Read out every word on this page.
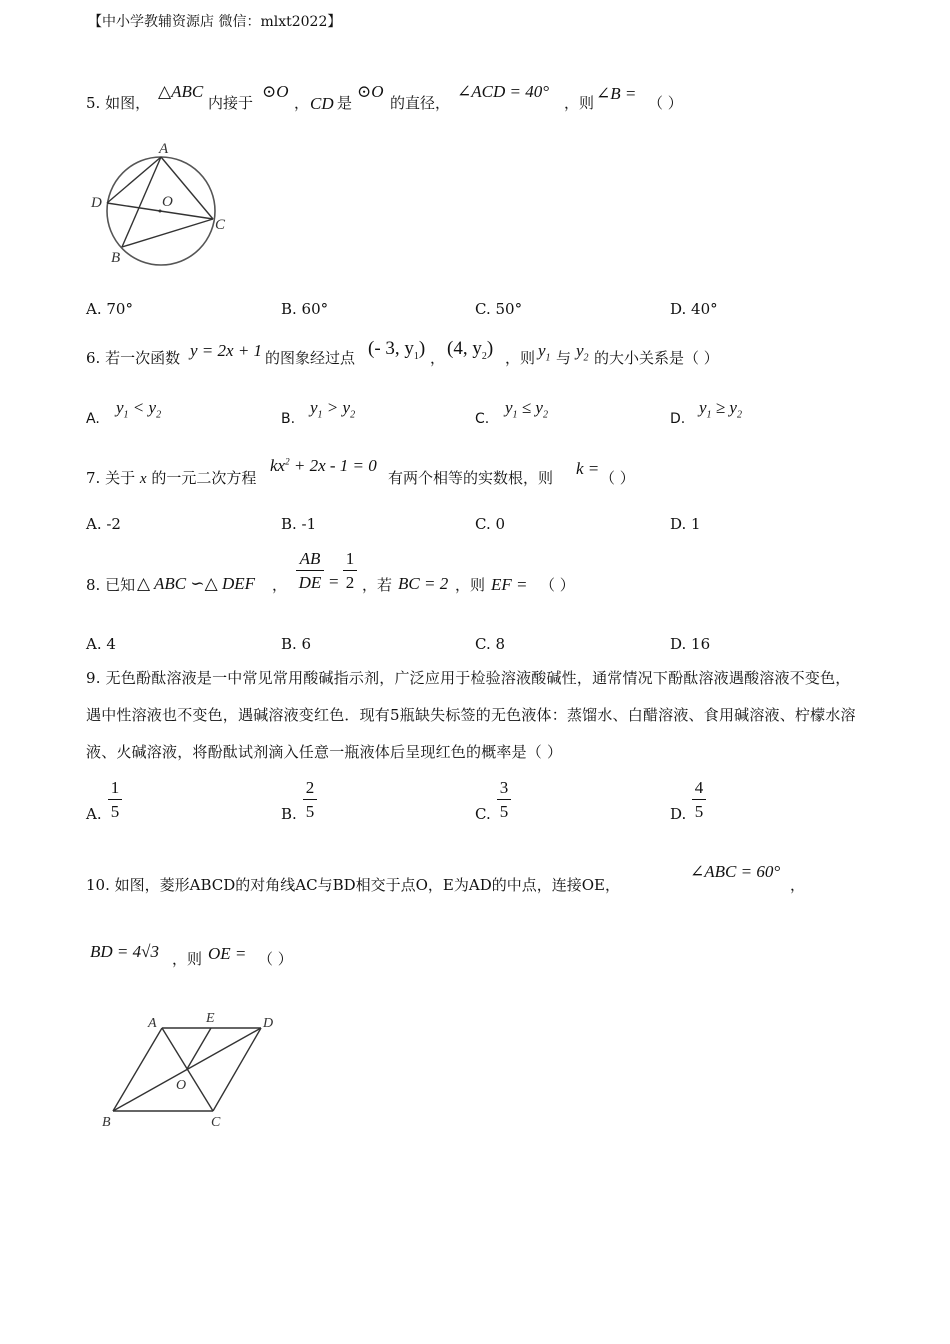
【中小学教辅资源店 微信：mlxt2022】
5. 如图，
△ABC
内接于
⊙O
， CD 是
⊙O
的直径，
∠ACD = 40°
，则 ∠B = （ ）
A
D	O
C
B
A. 70°	B. 60°	C. 50°	D. 40°
6. 若一次函数 y = 2x + 1 的图象经过点 (- 3, $y_1$) ， (4, $y_2$) ，则 $y_1$ 与 $y_2$ 的大小关系是（ ）
A.
$y_1 < y_2$	B.
$y_1 > y_2$	C.
$y_1 \le y_2$	D.
$y_1 \ge y_2$
7. 关于 x 的一元二次方程
$kx^2 + 2x - 1 = 0$
有两个相等的实数根，则 k = （ ）
A. -2	B. -1	C. 0	D. 1
8. 已知 △ ABC ∽△ DEF ，
AB
DE =
1
2 ，若 BC = 2 ，则 EF = （ ）
A. 4	B. 6	C. 8	D. 16
9. 无色酚酞溶液是一中常见常用酸碱指示剂，广泛应用于检验溶液酸碱性，通常情况下酚酞溶液遇酸溶液不变色，遇中性溶液也不变色，遇碱溶液变红色．现有5瓶缺失标签的无色液体：蒸馏水、白醋溶液、食用碱溶液、柠檬水溶液、火碱溶液，将酚酞试剂滴入任意一瓶液体后呈现红色的概率是（ ）
A.
1
5	B.
2
5	C.
3
5	D.
4
5
10. 如图，菱形ABCD的对角线AC与BD相交于点O，E为AD的中点，连接OE，
∠ABC = 60°
，
BD = 4√3 ，则 OE = （ ）
A	E	D
O
B	C
